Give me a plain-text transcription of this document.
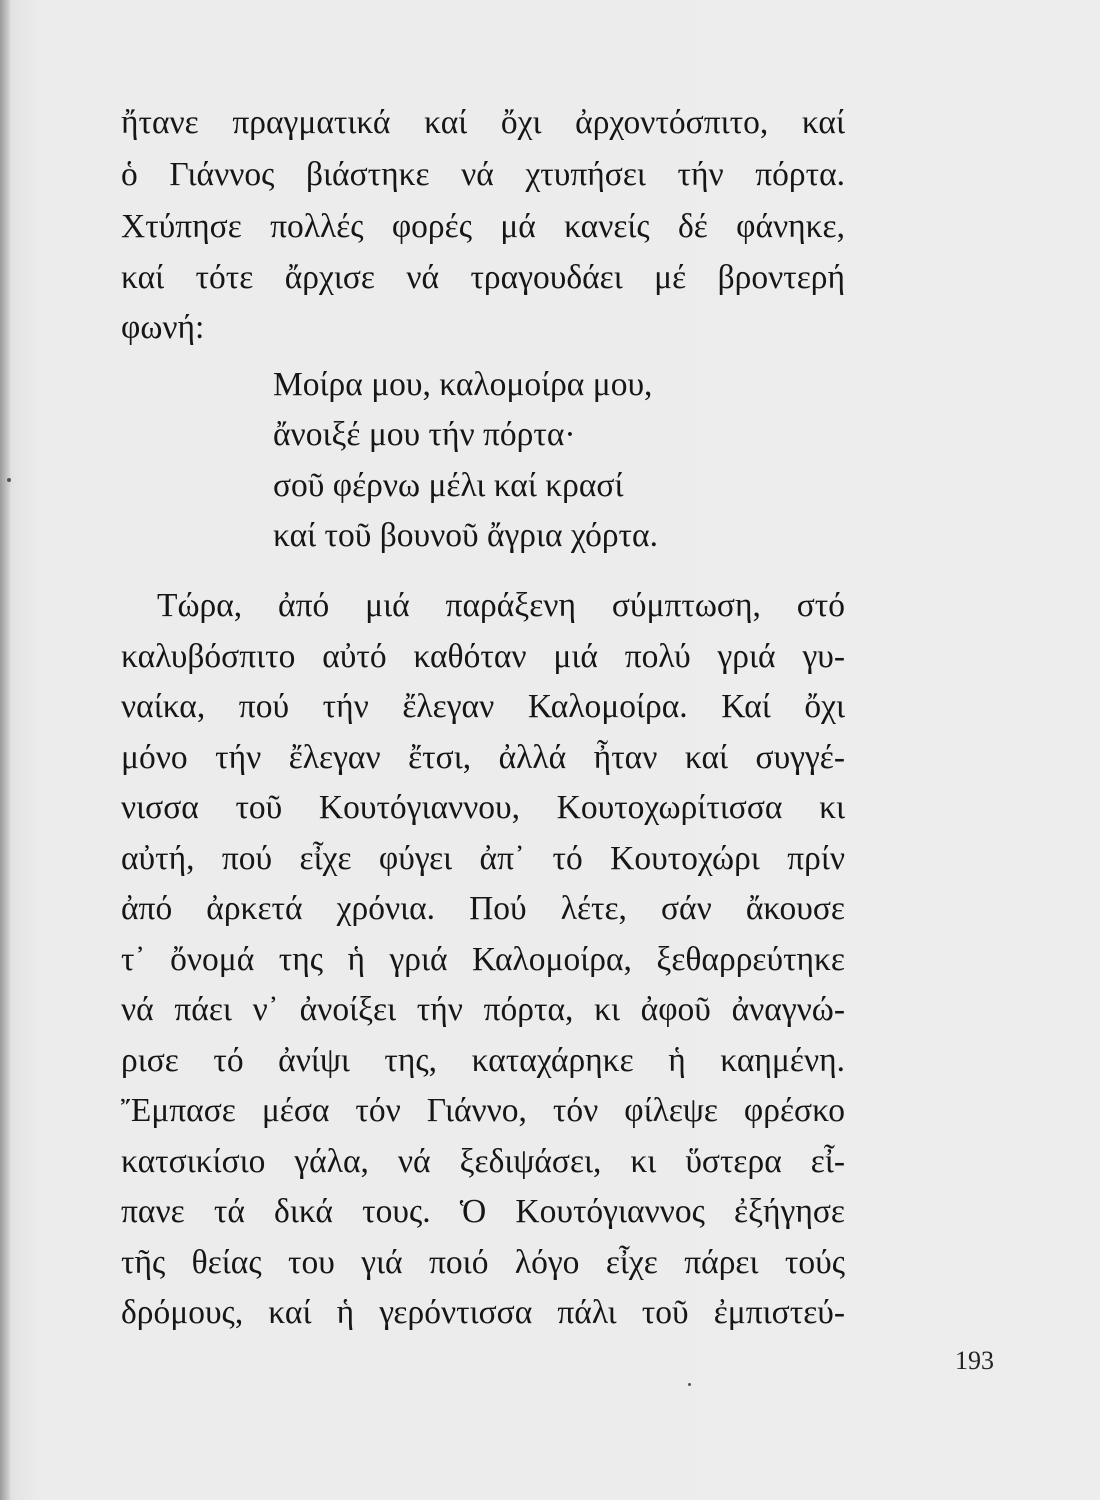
ἤτανε πραγματικά καί ὄχι ἀρχοντόσπιτο, καί
ὁ Γιάννος βιάστηκε νά χτυπήσει τήν πόρτα.
Χτύπησε πολλές φορές μά κανείς δέ φάνηκε,
καί τότε ἄρχισε νά τραγουδάει μέ βροντερή
φωνή:
Μοίρα μου, καλομοίρα μου,
ἄνοιξέ μου τήν πόρτα·
σοῦ φέρνω μέλι καί κρασί
καί τοῦ βουνοῦ ἄγρια χόρτα.
Τώρα, ἀπό μιά παράξενη σύμπτωση, στό
καλυβόσπιτο αὐτό καθόταν μιά πολύ γριά γυ-
ναίκα, πού τήν ἔλεγαν Καλομοίρα. Καί ὄχι
μόνο τήν ἔλεγαν ἔτσι, ἀλλά ἦταν καί συγγέ-
νισσα τοῦ Κουτόγιαννου, Κουτοχωρίτισσα κι
αὐτή, πού εἶχε φύγει ἀπ᾽ τό Κουτοχώρι πρίν
ἀπό ἀρκετά χρόνια. Πού λέτε, σάν ἄκουσε
τ᾽ ὄνομά της ἡ γριά Καλομοίρα, ξεθαρρεύτηκε
νά πάει ν᾽ ἀνοίξει τήν πόρτα, κι ἀφοῦ ἀναγνώ-
ρισε τό ἀνίψι της, καταχάρηκε ἡ καημένη.
Ἔμπασε μέσα τόν Γιάννο, τόν φίλεψε φρέσκο
κατσικίσιο γάλα, νά ξεδιψάσει, κι ὕστερα εἶ-
πανε τά δικά τους. Ὁ Κουτόγιαννος ἐξήγησε
τῆς θείας του γιά ποιό λόγο εἶχε πάρει τούς
δρόμους, καί ἡ γερόντισσα πάλι τοῦ ἐμπιστεύ-
193
